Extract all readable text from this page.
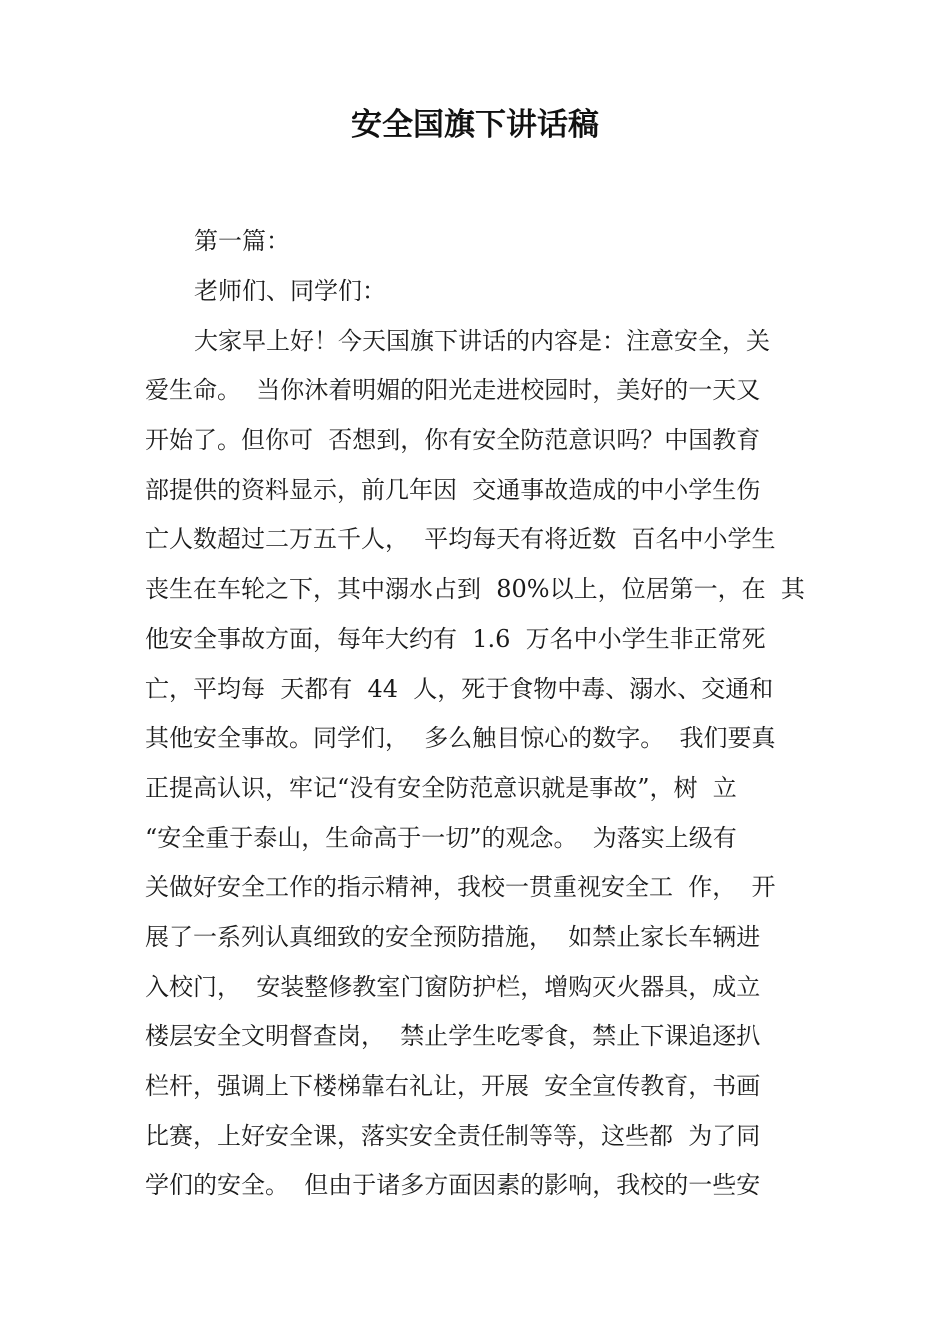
安全国旗下讲话稿
第一篇：
老师们、同学们：
大家早上好！今天国旗下讲话的内容是：注意安全，关
爱生命。  当你沐着明媚的阳光走进校园时，美好的一天又
开始了。但你可  否想到，你有安全防范意识吗？中国教育
部提供的资料显示，前几年因  交通事故造成的中小学生伤
亡人数超过二万五千人，  平均每天有将近数  百名中小学生
丧生在车轮之下，其中溺水占到  80%以上，位居第一，在  其
他安全事故方面，每年大约有  1.6  万名中小学生非正常死
亡，平均每  天都有  44  人，死于食物中毒、溺水、交通和
其他安全事故。同学们，  多么触目惊心的数字。  我们要真
正提高认识，牢记“没有安全防范意识就是事故”，树  立
“安全重于泰山，生命高于一切”的观念。  为落实上级有
关做好安全工作的指示精神，我校一贯重视安全工  作，  开
展了一系列认真细致的安全预防措施，  如禁止家长车辆进
入校门，  安装整修教室门窗防护栏，增购灭火器具，成立
楼层安全文明督查岗，  禁止学生吃零食，禁止下课追逐扒
栏杆，强调上下楼梯靠右礼让，开展  安全宣传教育，书画
比赛，上好安全课，落实安全责任制等等，这些都  为了同
学们的安全。  但由于诸多方面因素的影响，我校的一些安
